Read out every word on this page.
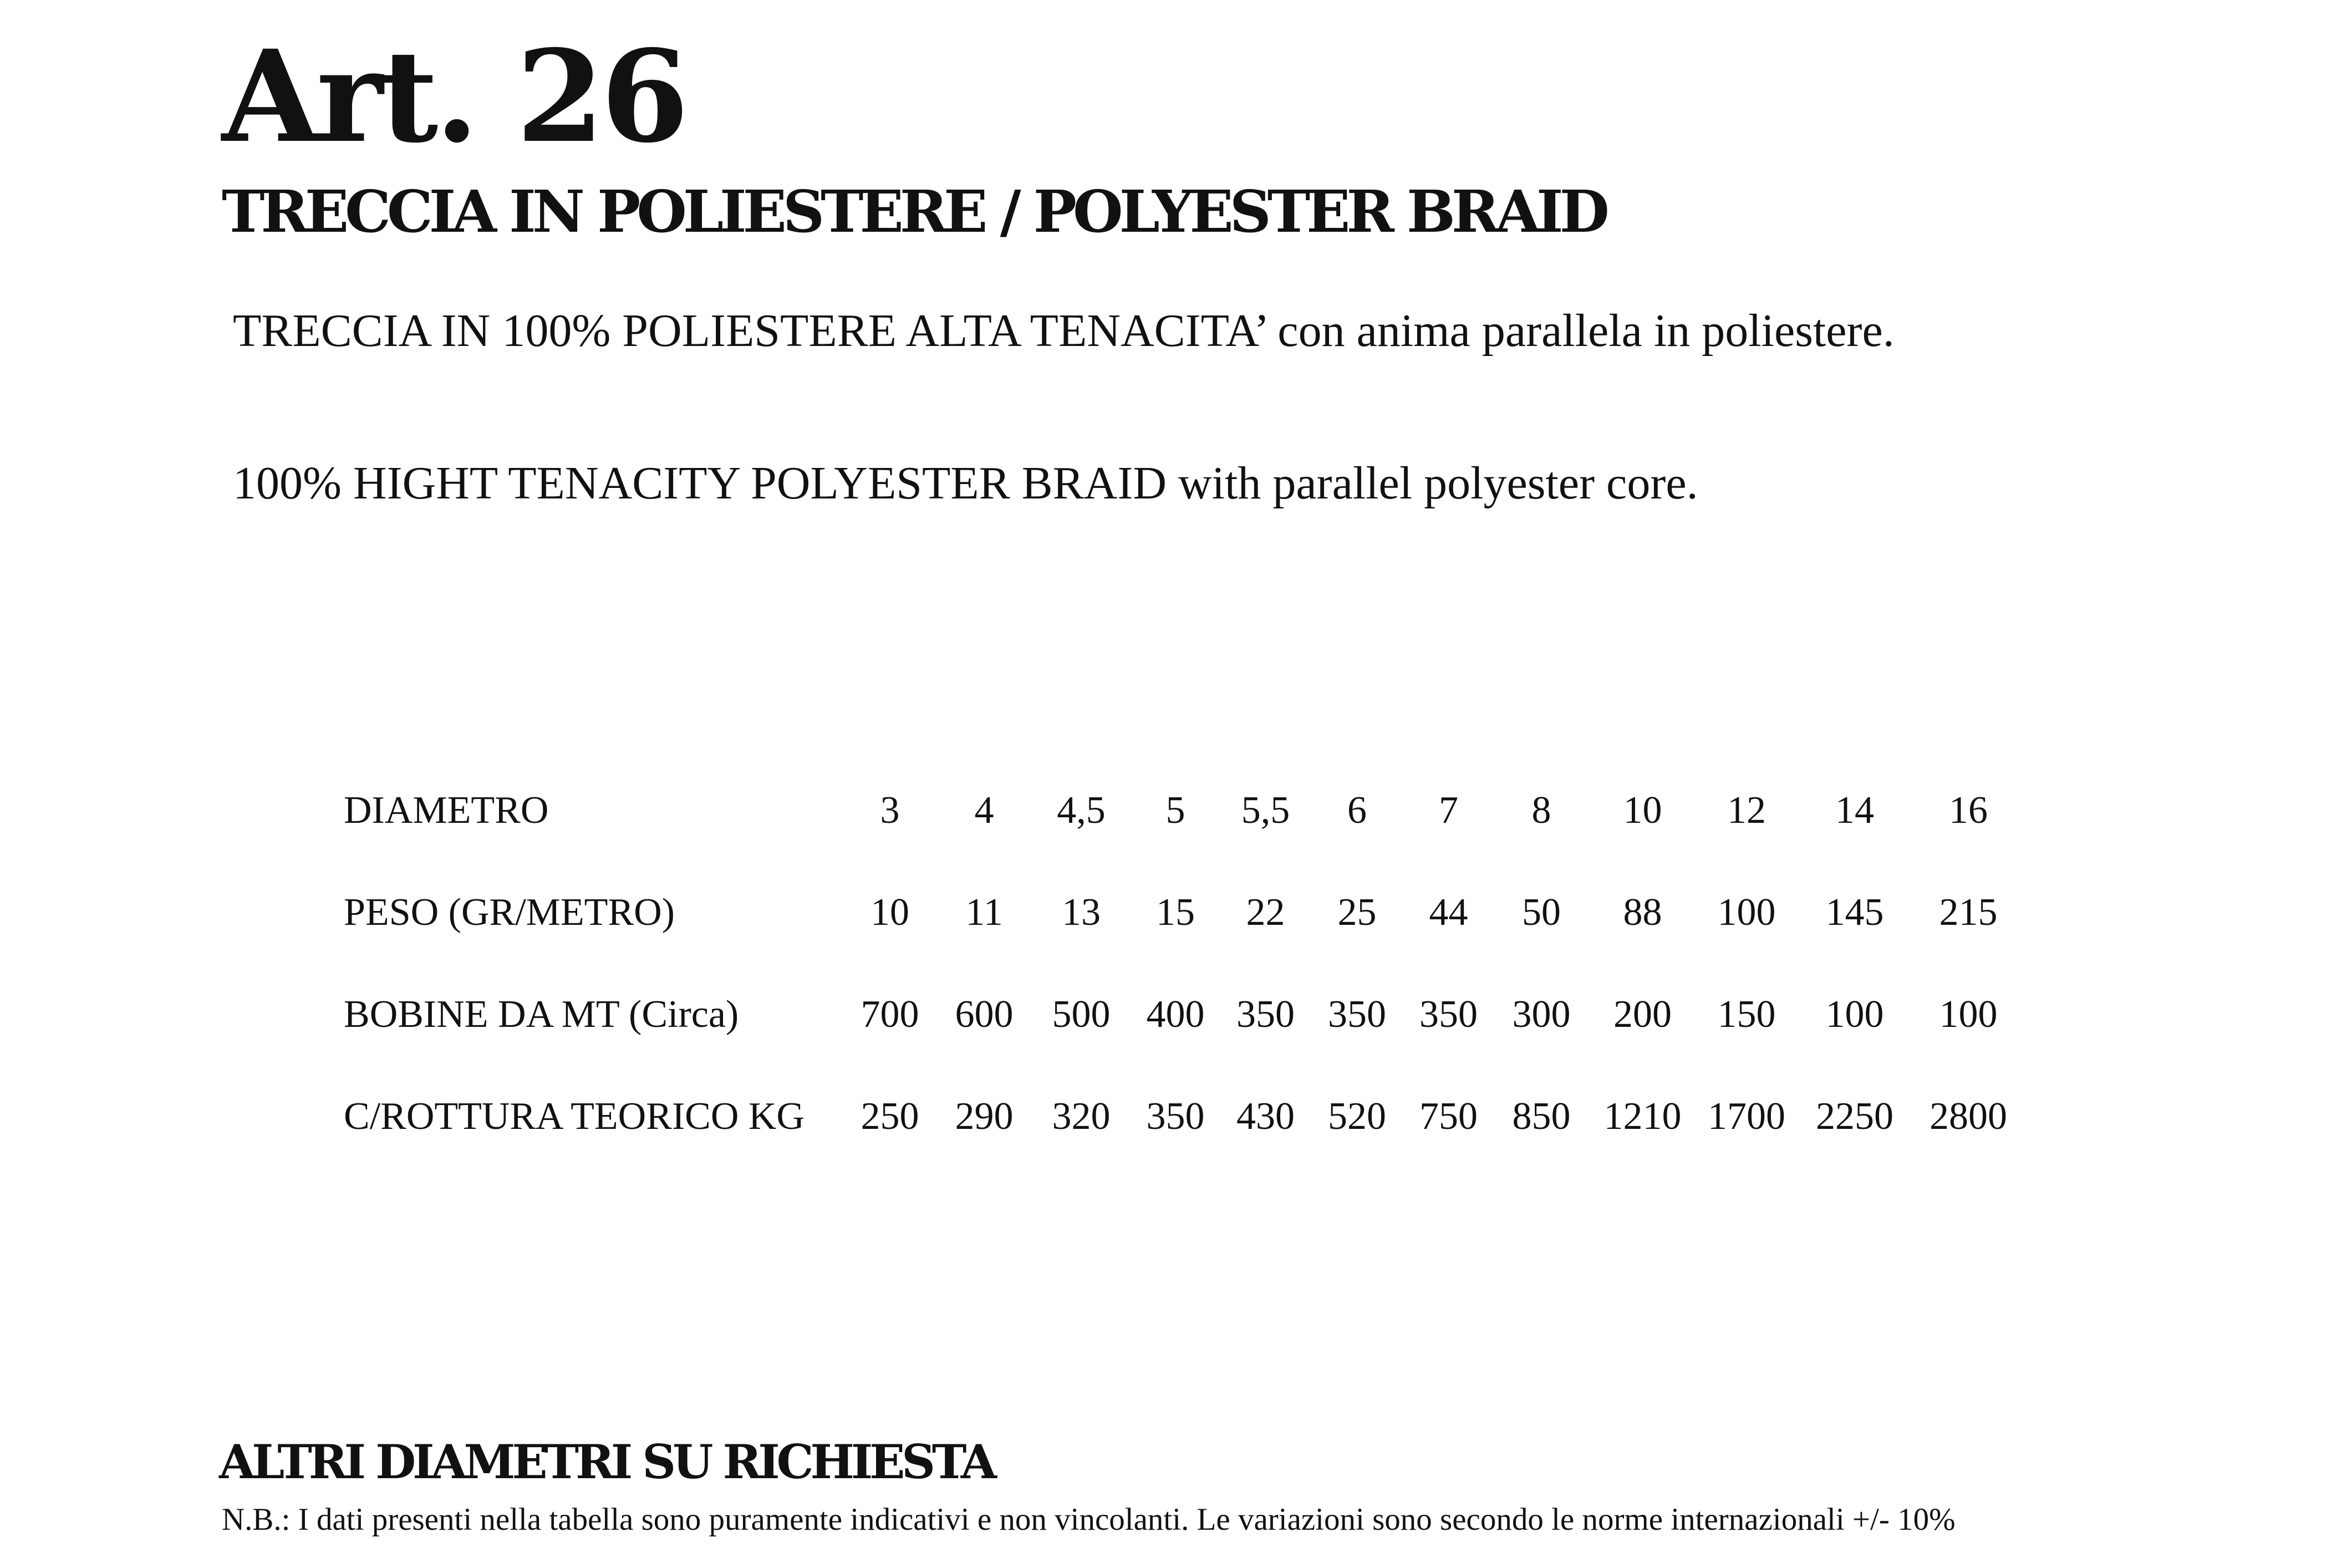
Art. 26
TRECCIA IN POLIESTERE / POLYESTER BRAID

TRECCIA IN 100% POLIESTERE ALTA TENACITA’ con anima parallela in poliestere.

100% HIGHT TENACITY POLYESTER BRAID with parallel polyester core.

DIAMETRO	3	4	4,5	5	5,5	6	7	8	10	12	14	16
PESO (GR/METRO)	10	11	13	15	22	25	44	50	88	100	145	215
BOBINE DA MT (Circa)	700	600	500	400	350	350	350	300	200	150	100	100
C/ROTTURA TEORICO KG	250	290	320	350	430	520	750	850	1210	1700	2250	2800
ALTRI DIAMETRI SU RICHIESTA

N.B.: I dati presenti nella tabella sono puramente indicativi e non vincolanti. Le variazioni sono secondo le norme internazionali +/- 10%
